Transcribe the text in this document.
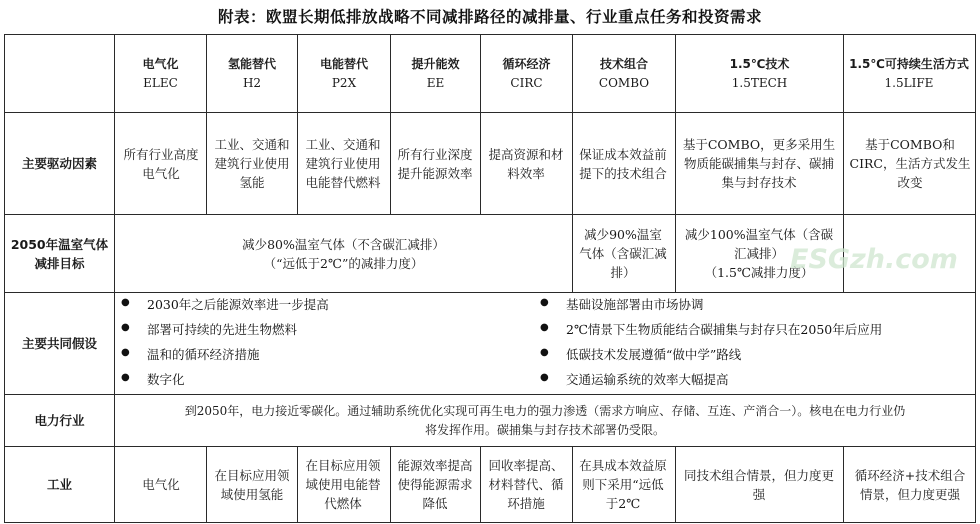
附表：欧盟长期低排放战略不同减排路径的减排量、行业重点任务和投资需求
电气化
ELEC
氢能替代
H2
电能替代
P2X
提升能效
EE
循环经济
CIRC
技术组合
COMBO
1.5℃技术
1.5TECH
1.5℃可持续生活方式
1.5LIFE
主要驱动因素
所有行业高度电气化
工业、交通和建筑行业使用氢能
工业、交通和建筑行业使用电能替代燃料
所有行业深度提升能源效率
提高资源和材料效率
保证成本效益前提下的技术组合
基于COMBO，更多采用生物质能碳捕集与封存、碳捕集与封存技术
基于COMBO和CIRC，生活方式发生改变
2050年温室气体减排目标
减少80%温室气体（不含碳汇减排）
（“远低于2℃”的减排力度）
减少90%温室气体（含碳汇减排）
减少100%温室气体（含碳汇减排）
（1.5℃减排力度）
主要共同假设
● 2030年之后能源效率进一步提高
● 部署可持续的先进生物燃料
● 温和的循环经济措施
● 数字化
● 基础设施部署由市场协调
● 2℃情景下生物质能结合碳捕集与封存只在2050年后应用
● 低碳技术发展遵循“做中学”路线
● 交通运输系统的效率大幅提高
电力行业
到2050年，电力接近零碳化。通过辅助系统优化实现可再生电力的强力渗透（需求方响应、存储、互连、产消合一）。核电在电力行业仍
将发挥作用。碳捕集与封存技术部署仍受限。
工业	电气化
在目标应用领域使用氢能
在目标应用领域使用电能替代燃体
能源效率提高使得能源需求降低
回收率提高、材料替代、循环措施
在具成本效益原则下采用“远低于2℃
同技术组合情景，但力度更强
循环经济+技术组合情景，但力度更强
ESGzh.com
